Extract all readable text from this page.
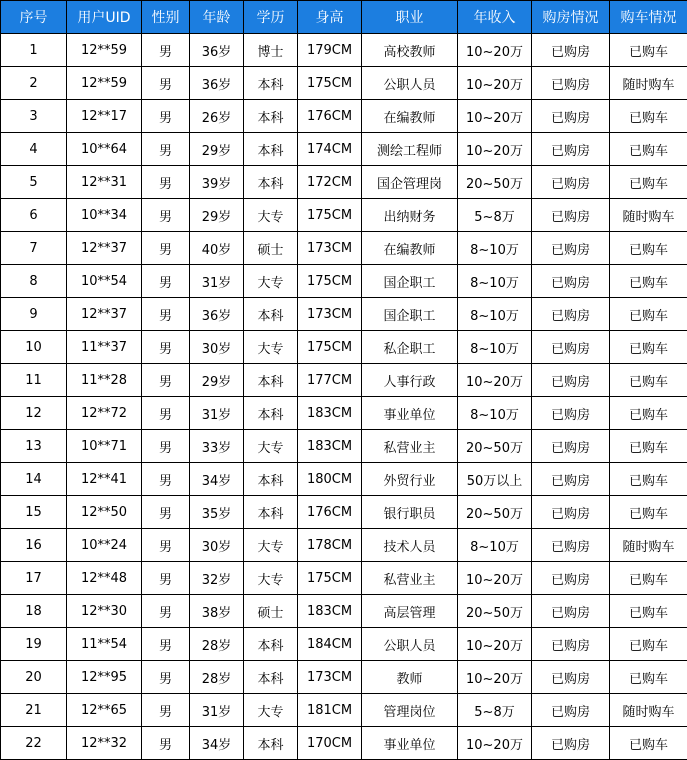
序号	用户UID	性别	年龄	学历	身高	职业	年收入	购房情况	购车情况
1	12**59	男	36岁	博士	179CM	高校教师	10~20万	已购房	已购车
2	12**59	男	36岁	本科	175CM	公职人员	10~20万	已购房	随时购车
3	12**17	男	26岁	本科	176CM	在编教师	10~20万	已购房	已购车
4	10**64	男	29岁	本科	174CM	测绘工程师	10~20万	已购房	已购车
5	12**31	男	39岁	本科	172CM	国企管理岗	20~50万	已购房	已购车
6	10**34	男	29岁	大专	175CM	出纳财务	5~8万	已购房	随时购车
7	12**37	男	40岁	硕士	173CM	在编教师	8~10万	已购房	已购车
8	10**54	男	31岁	大专	175CM	国企职工	8~10万	已购房	已购车
9	12**37	男	36岁	本科	173CM	国企职工	8~10万	已购房	已购车
10	11**37	男	30岁	大专	175CM	私企职工	8~10万	已购房	已购车
11	11**28	男	29岁	本科	177CM	人事行政	10~20万	已购房	已购车
12	12**72	男	31岁	本科	183CM	事业单位	8~10万	已购房	已购车
13	10**71	男	33岁	大专	183CM	私营业主	20~50万	已购房	已购车
14	12**41	男	34岁	本科	180CM	外贸行业	50万以上	已购房	已购车
15	12**50	男	35岁	本科	176CM	银行职员	20~50万	已购房	已购车
16	10**24	男	30岁	大专	178CM	技术人员	8~10万	已购房	随时购车
17	12**48	男	32岁	大专	175CM	私营业主	10~20万	已购房	已购车
18	12**30	男	38岁	硕士	183CM	高层管理	20~50万	已购房	已购车
19	11**54	男	28岁	本科	184CM	公职人员	10~20万	已购房	已购车
20	12**95	男	28岁	本科	173CM	教师	10~20万	已购房	已购车
21	12**65	男	31岁	大专	181CM	管理岗位	5~8万	已购房	随时购车
22	12**32	男	34岁	本科	170CM	事业单位	10~20万	已购房	已购车
